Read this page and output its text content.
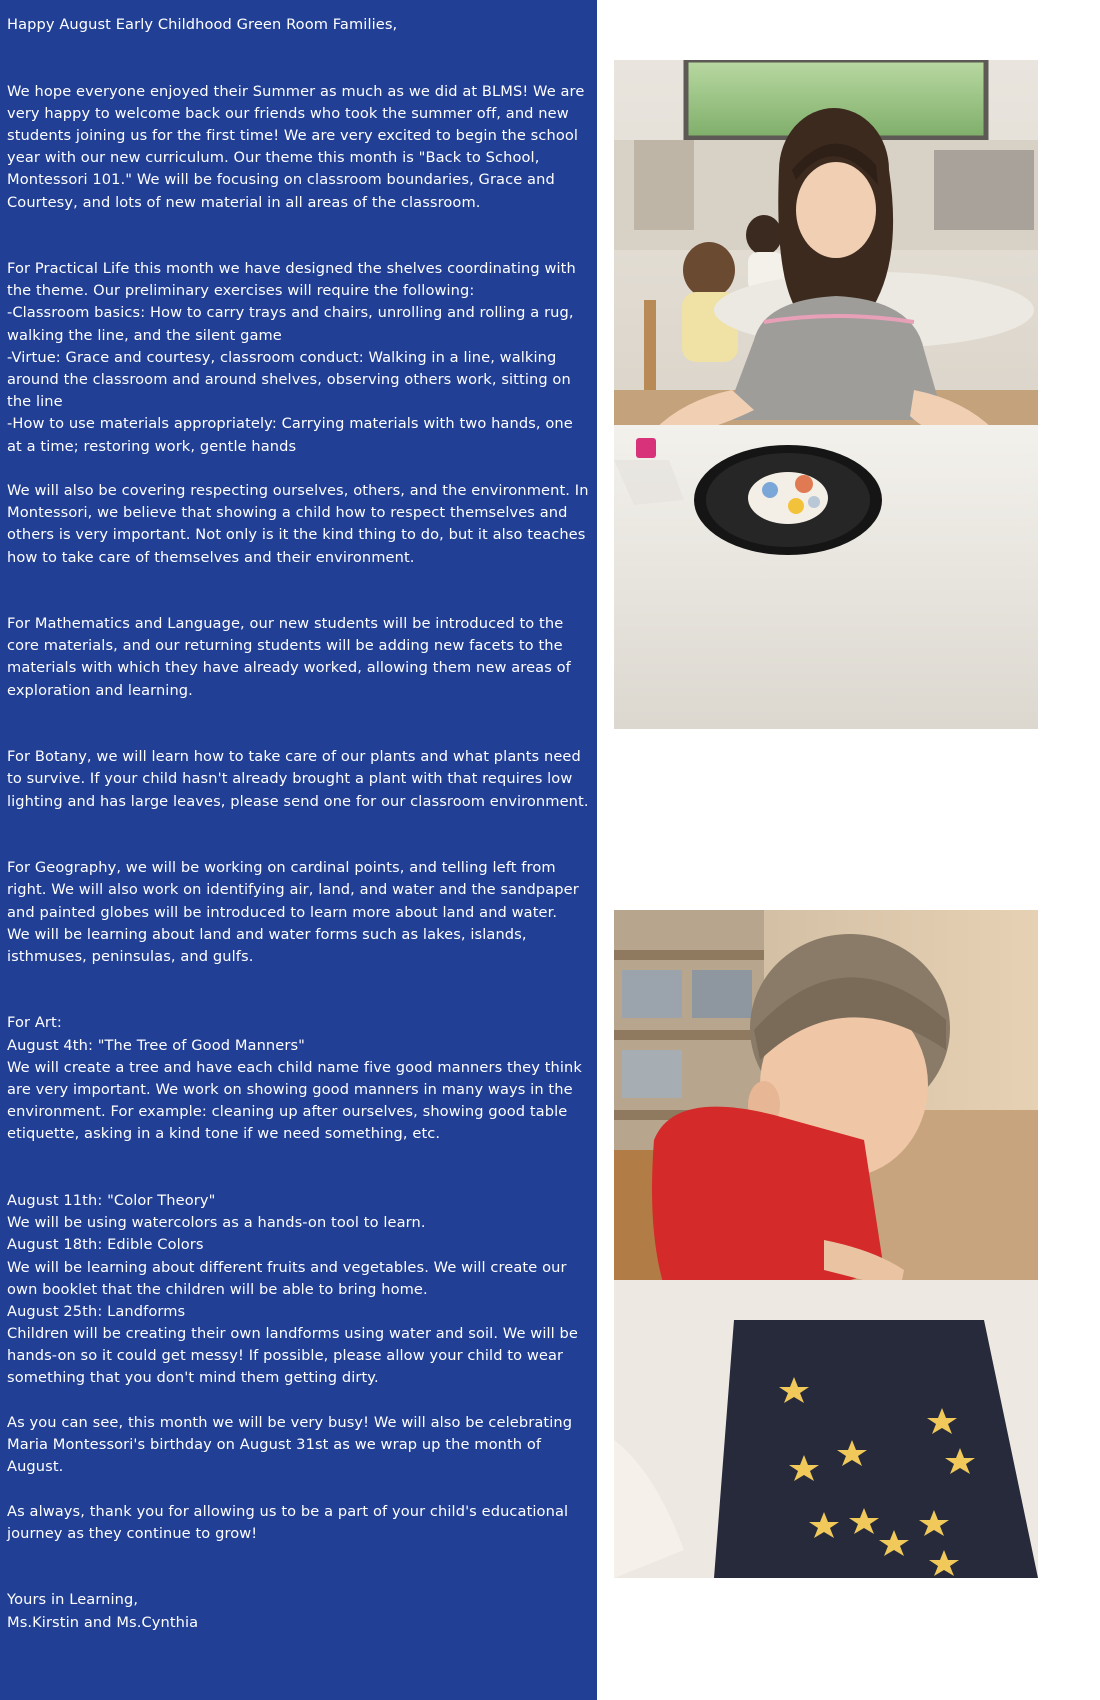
Happy August Early Childhood Green Room Families,
We hope everyone enjoyed their Summer as much as we did at BLMS! We are
very happy to welcome back our friends who took the summer off, and new
students joining us for the first time! We are very excited to begin the school
year with our new curriculum. Our theme this month is "Back to School,
Montessori 101." We will be focusing on classroom boundaries, Grace and
Courtesy, and lots of new material in all areas of the classroom.
For Practical Life this month we have designed the shelves coordinating with
the theme. Our preliminary exercises will require the following:
-Classroom basics: How to carry trays and chairs, unrolling and rolling a rug,
walking the line, and the silent game
-Virtue: Grace and courtesy, classroom conduct: Walking in a line, walking
around the classroom and around shelves, observing others work, sitting on
the line
-How to use materials appropriately: Carrying materials with two hands, one
at a time; restoring work, gentle hands
We will also be covering respecting ourselves, others, and the environment. In
Montessori, we believe that showing a child how to respect themselves and
others is very important. Not only is it the kind thing to do, but it also teaches
how to take care of themselves and their environment.
For Mathematics and Language, our new students will be introduced to the
core materials, and our returning students will be adding new facets to the
materials with which they have already worked, allowing them new areas of
exploration and learning.
For Botany, we will learn how to take care of our plants and what plants need
to survive. If your child hasn't already brought a plant with that requires low
lighting and has large leaves, please send one for our classroom environment.
For Geography, we will be working on cardinal points, and telling left from
right. We will also work on identifying air, land, and water and the sandpaper
and painted globes will be introduced to learn more about land and water.
We will be learning about land and water forms such as lakes, islands,
isthmuses, peninsulas, and gulfs.
For Art:
August 4th: "The Tree of Good Manners"
We will create a tree and have each child name five good manners they think
are very important. We work on showing good manners in many ways in the
environment. For example: cleaning up after ourselves, showing good table
etiquette, asking in a kind tone if we need something, etc.
August 11th: "Color Theory"
We will be using watercolors as a hands-on tool to learn.
August 18th: Edible Colors
We will be learning about different fruits and vegetables. We will create our
own booklet that the children will be able to bring home.
August 25th: Landforms
Children will be creating their own landforms using water and soil. We will be
hands-on so it could get messy! If possible, please allow your child to wear
something that you don't mind them getting dirty.
As you can see, this month we will be very busy! We will also be celebrating
Maria Montessori's birthday on August 31st as we wrap up the month of
August.
As always, thank you for allowing us to be a part of your child's educational
journey as they continue to grow!
Yours in Learning,
Ms.Kirstin and Ms.Cynthia
